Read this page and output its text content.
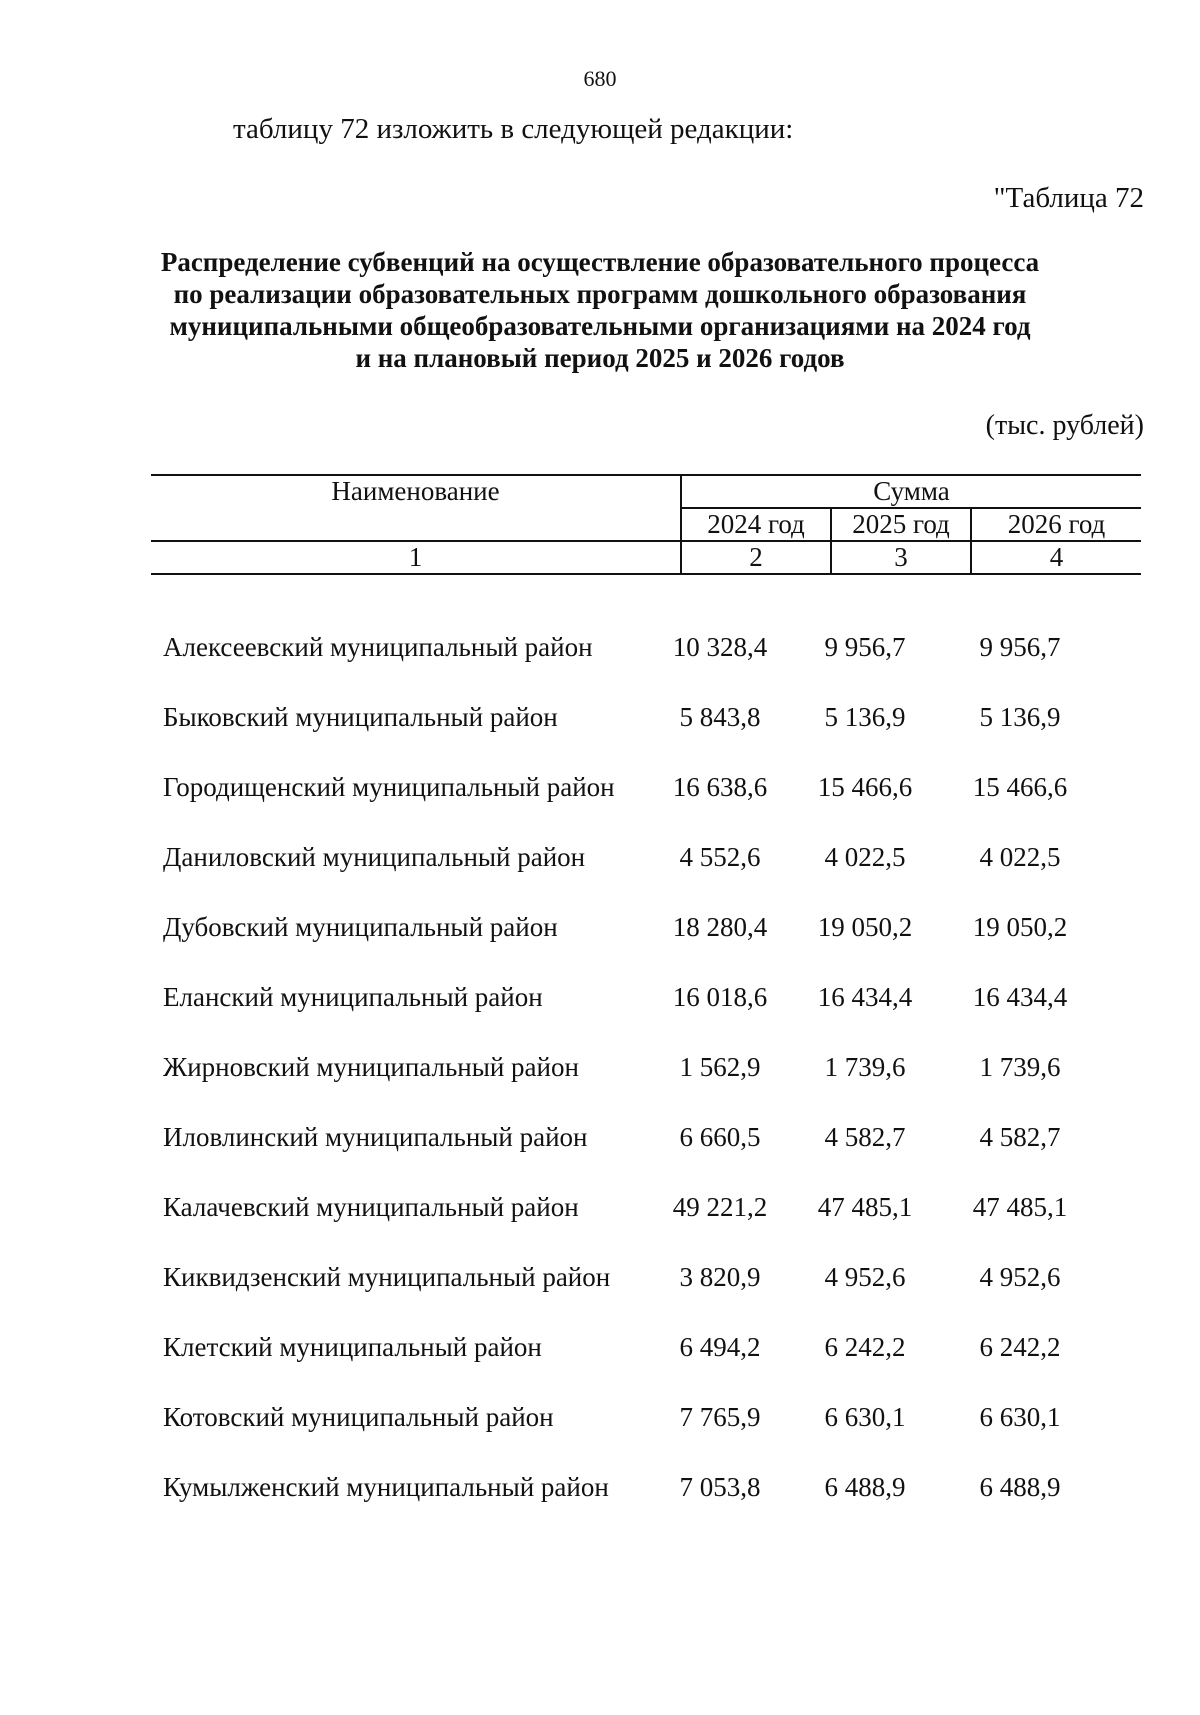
680
таблицу 72 изложить в следующей редакции:
"Таблица 72
Распределение субвенций на осуществление образовательного процесса
по реализации образовательных программ дошкольного образования
муниципальными общеобразовательными организациями на 2024 год
и на плановый период 2025 и 2026 годов
(тыс. рублей)
Наименование	Сумма		
	2024 год	2025 год	2026 год
1	2	3	4
Алексеевский муниципальный район	10 328,4	9 956,7	9 956,7
Быковский муниципальный район	5 843,8	5 136,9	5 136,9
Городищенский муниципальный район	16 638,6	15 466,6	15 466,6
Даниловский муниципальный район	4 552,6	4 022,5	4 022,5
Дубовский муниципальный район	18 280,4	19 050,2	19 050,2
Еланский муниципальный район	16 018,6	16 434,4	16 434,4
Жирновский муниципальный район	1 562,9	1 739,6	1 739,6
Иловлинский муниципальный район	6 660,5	4 582,7	4 582,7
Калачевский муниципальный район	49 221,2	47 485,1	47 485,1
Киквидзенский муниципальный район	3 820,9	4 952,6	4 952,6
Клетский муниципальный район	6 494,2	6 242,2	6 242,2
Котовский муниципальный район	7 765,9	6 630,1	6 630,1
Кумылженский муниципальный район	7 053,8	6 488,9	6 488,9
